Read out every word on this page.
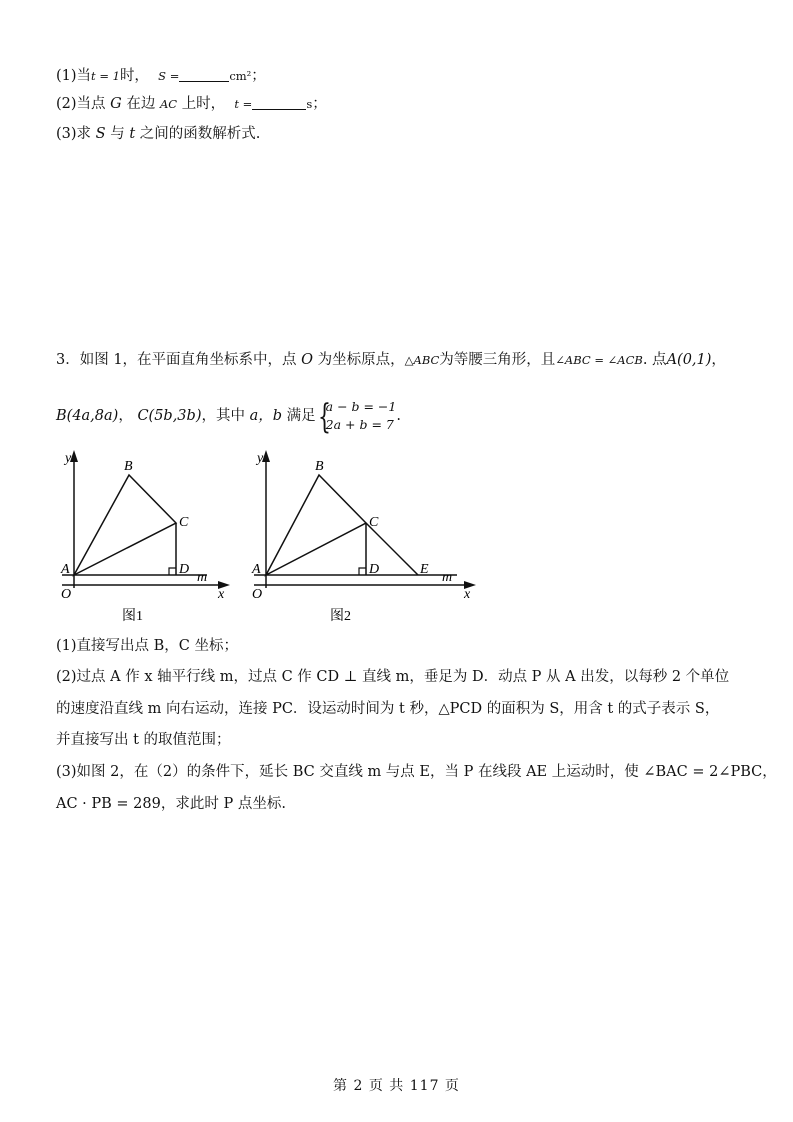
(1)当t = 1时， S =	cm²；
(2)当点 G 在边 AC 上时， t =	s；
(3)求 S 与 t 之间的函数解析式.
3．如图 1，在平面直角坐标系中，点 O 为坐标原点，△ABC为等腰三角形，且∠ABC = ∠ACB. 点A(0,1)，
B(4a,8a)， C(5b,3b)，其中 a，b 满足 {
a − b = −1
2a + b = 7
.
y
x
O
A
B
C
D
m
图1
y
x
O
A
B
C
D	E
m
图2
(1)直接写出点 B，C 坐标；
(2)过点 A 作 x 轴平行线 m，过点 C 作 CD ⊥ 直线 m，垂足为 D．动点 P 从 A 出发，以每秒 2 个单位
的速度沿直线 m 向右运动，连接 PC．设运动时间为 t 秒，△PCD 的面积为 S，用含 t 的式子表示 S，
并直接写出 t 的取值范围；
(3)如图 2，在（2）的条件下，延长 BC 交直线 m 与点 E，当 P 在线段 AE 上运动时，使 ∠BAC = 2∠PBC，
AC · PB = 289，求此时 P 点坐标.
第 2 页 共 117 页
